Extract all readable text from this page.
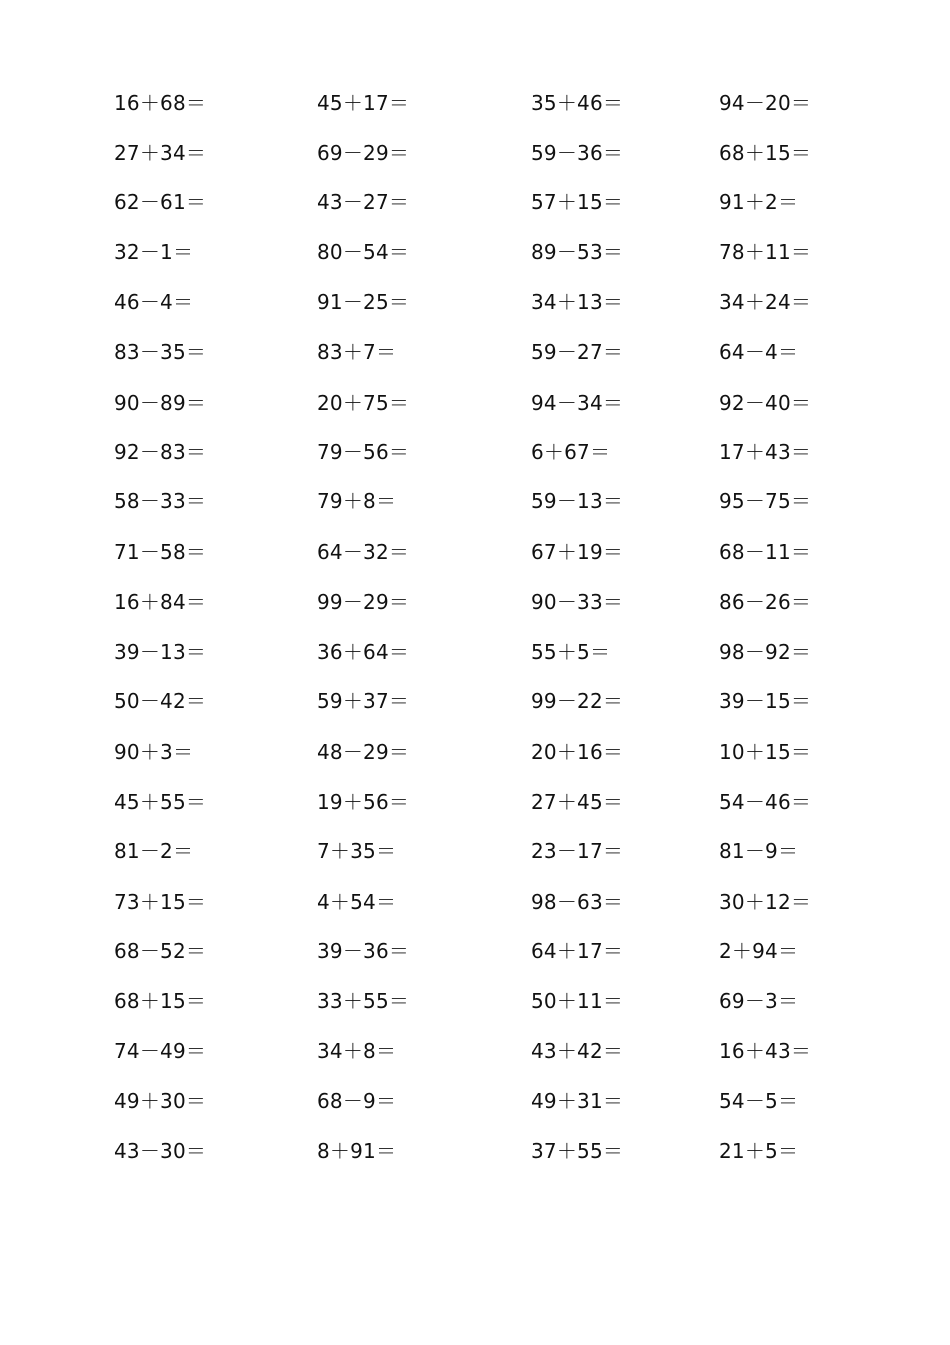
16＋68＝	45＋17＝	35＋46＝	94－20＝
27＋34＝	69－29＝	59－36＝	68＋15＝
62－61＝	43－27＝	57＋15＝	91＋2＝
32－1＝	80－54＝	89－53＝	78＋11＝
46－4＝	91－25＝	34＋13＝	34＋24＝
83－35＝	83＋7＝	59－27＝	64－4＝
90－89＝	20＋75＝	94－34＝	92－40＝
92－83＝	79－56＝	6＋67＝	17＋43＝
58－33＝	79＋8＝	59－13＝	95－75＝
71－58＝	64－32＝	67＋19＝	68－11＝
16＋84＝	99－29＝	90－33＝	86－26＝
39－13＝	36＋64＝	55＋5＝	98－92＝
50－42＝	59＋37＝	99－22＝	39－15＝
90＋3＝	48－29＝	20＋16＝	10＋15＝
45＋55＝	19＋56＝	27＋45＝	54－46＝
81－2＝	7＋35＝	23－17＝	81－9＝
73＋15＝	4＋54＝	98－63＝	30＋12＝
68－52＝	39－36＝	64＋17＝	2＋94＝
68＋15＝	33＋55＝	50＋11＝	69－3＝
74－49＝	34＋8＝	43＋42＝	16＋43＝
49＋30＝	68－9＝	49＋31＝	54－5＝
43－30＝	8＋91＝	37＋55＝	21＋5＝
